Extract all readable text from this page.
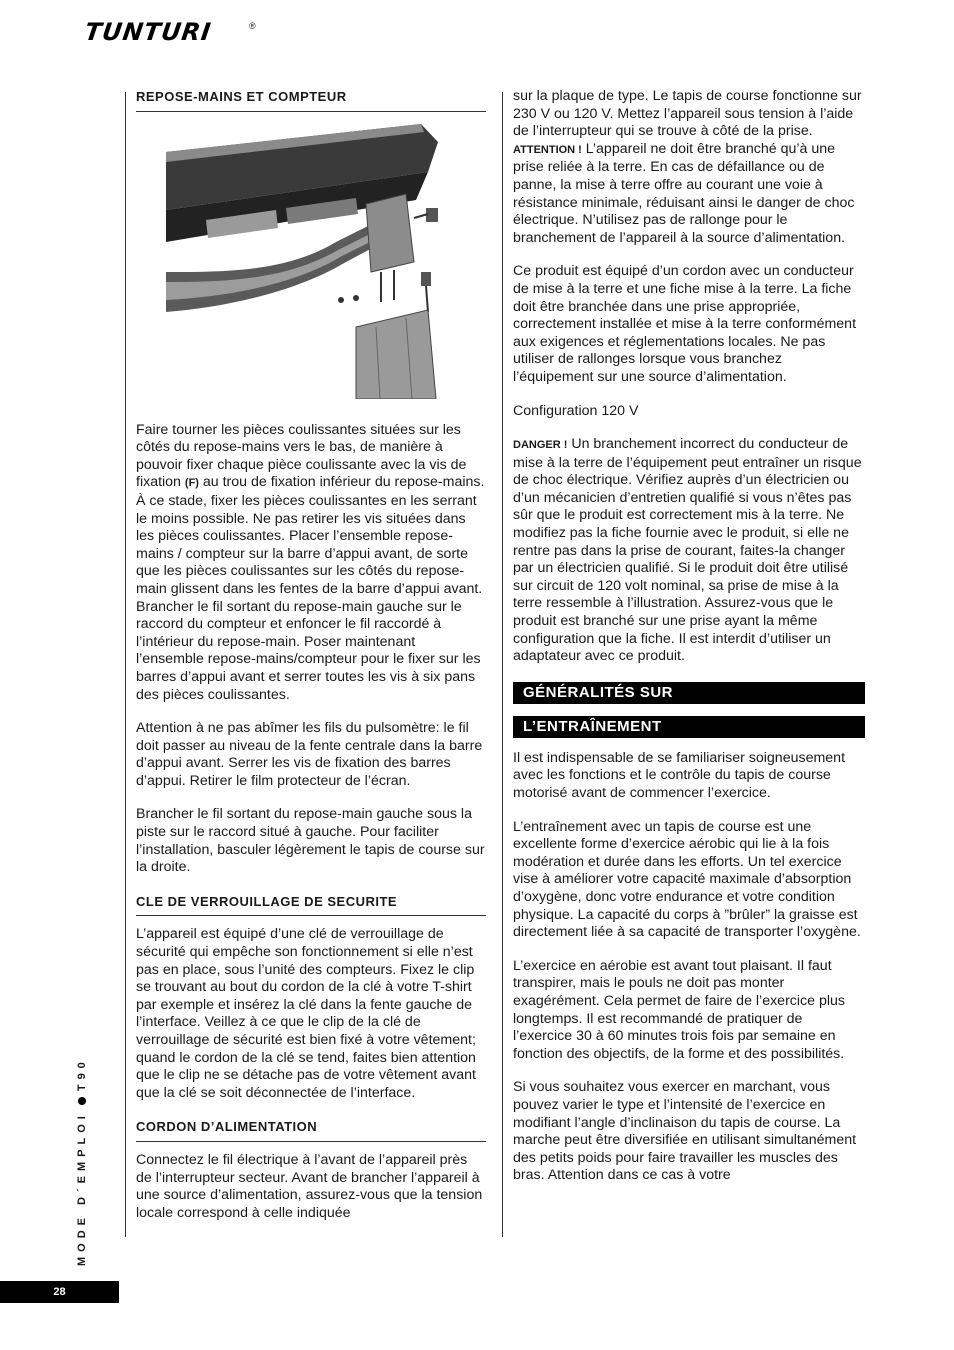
TUNTURI	®
REPOSE-MAINS ET COMPTEUR

Faire tourner les pièces coulissantes situées sur les côtés du repose-mains vers le bas, de manière à pouvoir fixer chaque pièce coulissante avec la vis de fixation (F) au trou de fixation inférieur du repose-mains. À ce stade, fixer les pièces coulissantes en les serrant le moins possible. Ne pas retirer les vis situées dans les pièces coulissantes. Placer l’ensemble repose-mains / compteur sur la barre d’appui avant, de sorte que les pièces coulissantes sur les côtés du repose-main glissent dans les fentes de la barre d’appui avant. Brancher le fil sortant du repose-main gauche sur le raccord du compteur et enfoncer le fil raccordé à l’intérieur du repose-main. Poser maintenant l’ensemble repose-mains/compteur pour le fixer sur les barres d’appui avant et serrer toutes les vis à six pans des pièces coulissantes.

Attention à ne pas abîmer les fils du pulsomètre: le fil doit passer au niveau de la fente centrale dans la barre d’appui avant. Serrer les vis de fixation des barres d’appui. Retirer le film protecteur de l’écran.

Brancher le fil sortant du repose-main gauche sous la piste sur le raccord situé à gauche. Pour faciliter l’installation, basculer légèrement le tapis de course sur la droite.

CLE DE VERROUILLAGE DE SECURITE

L’appareil est équipé d’une clé de verrouillage de sécurité qui empêche son fonctionnement si elle n’est pas en place, sous l’unité des compteurs. Fixez le clip se trouvant au bout du cordon de la clé à votre T-shirt par exemple et insérez la clé dans la fente gauche de l’interface. Veillez à ce que le clip de la clé de verrouillage de sécurité est bien fixé à votre vêtement; quand le cordon de la clé se tend, faites bien attention que le clip ne se détache pas de votre vêtement avant que la clé se soit déconnectée de l’interface.

CORDON D’ALIMENTATION

Connectez le fil électrique à l’avant de l’appareil près de l’interrupteur secteur. Avant de brancher l’appareil à une source d’alimentation, assurez-vous que la tension locale correspond à celle indiquée

sur la plaque de type. Le tapis de course fonctionne sur 230 V ou 120 V. Mettez l’appareil sous tension à l’aide de l’interrupteur qui se trouve à côté de la prise. ATTENTION ! L’appareil ne doit être branché qu’à une prise reliée à la terre. En cas de défaillance ou de panne, la mise à terre offre au courant une voie à résistance minimale, réduisant ainsi le danger de choc électrique. N’utilisez pas de rallonge pour le branchement de l’appareil à la source d’alimentation.

Ce produit est équipé d’un cordon avec un conducteur de mise à la terre et une fiche mise à la terre. La fiche doit être branchée dans une prise appropriée, correctement installée et mise à la terre conformément aux exigences et réglementations locales. Ne pas utiliser de rallonges lorsque vous branchez l’équipement sur une source d’alimentation.

Configuration 120 V

DANGER ! Un branchement incorrect du conducteur de mise à la terre de l’équipement peut entraîner un risque de choc électrique. Vérifiez auprès d’un électricien ou d’un mécanicien d’entretien qualifié si vous n’êtes pas sûr que le produit est correctement mis à la terre. Ne modifiez pas la fiche fournie avec le produit, si elle ne rentre pas dans la prise de courant, faites-la changer par un électricien qualifié. Si le produit doit être utilisé sur circuit de 120 volt nominal, sa prise de mise à la terre ressemble à l’illustration. Assurez-vous que le produit est branché sur une prise ayant la même configuration que la fiche. Il est interdit d’utiliser un adaptateur avec ce produit.

GÉNÉRALITÉS SUR
L’ENTRAÎNEMENT

Il est indispensable de se familiariser soigneusement avec les fonctions et le contrôle du tapis de course motorisé avant de commencer l’exercice.

L’entraînement avec un tapis de course est une excellente forme d’exercice aérobic qui lie à la fois modération et durée dans les efforts. Un tel exercice vise à améliorer votre capacité maximale d’absorption d’oxygène, donc votre endurance et votre condition physique. La capacité du corps à ”brûler” la graisse est directement liée à sa capacité de transporter l’oxygène.

L’exercice en aérobie est avant tout plaisant. Il faut transpirer, mais le pouls ne doit pas monter exagérément. Cela permet de faire de l’exercice plus longtemps. Il est recommandé de pratiquer de l’exercice 30 à 60 minutes trois fois par semaine en fonction des objectifs, de la forme et des possibilités.

Si vous souhaitez vous exercer en marchant, vous pouvez varier le type et l’intensité de l’exercice en modifiant l’angle d’inclinaison du tapis de course. La marche peut être diversifiée en utilisant simultanément des petits poids pour faire travailler les muscles des bras. Attention dans ce cas à votre

MODE D´EMPLOIT90
28
